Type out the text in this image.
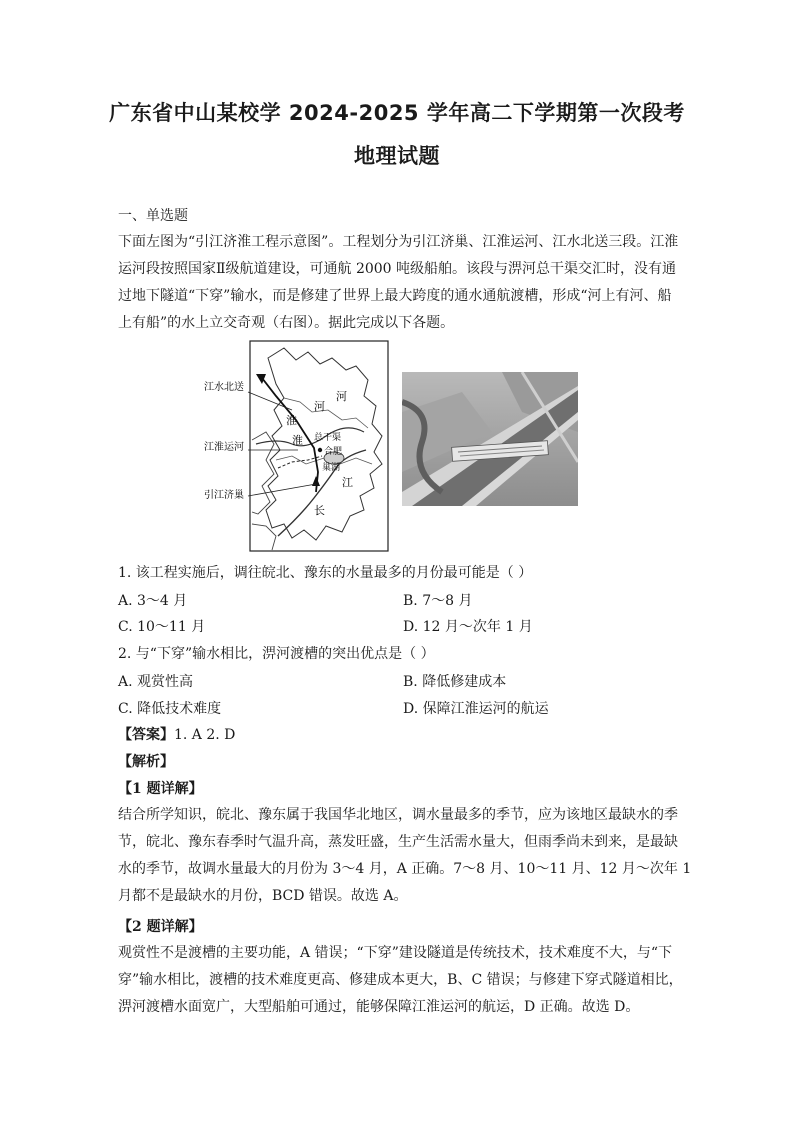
广东省中山某校学 2024-2025 学年高二下学期第一次段考
地理试题
一、单选题

下面左图为“引江济淮工程示意图”。工程划分为引江济巢、江淮运河、江水北送三段。江淮

运河段按照国家Ⅱ级航道建设，可通航 2000 吨级船舶。该段与淠河总干渠交汇时，没有通

过地下隧道“下穿”输水，而是修建了世界上最大跨度的通水通航渡槽，形成“河上有河、船

上有船”的水上立交奇观（右图）。据此完成以下各题。

江水北送
江淮运河
引江济巢
淮
河
淮 总干渠
合肥
巢湖
江
长
河
1. 该工程实施后，调往皖北、豫东的水量最多的月份最可能是（ ）
A. 3～4 月	B. 7～8 月
C. 10～11 月	D. 12 月～次年 1 月
2. 与“下穿”输水相比，淠河渡槽的突出优点是（ ）
A. 观赏性高	B. 降低修建成本
C. 降低技术难度	D. 保障江淮运河的航运
【答案】1. A 2. D
【解析】
【1 题详解】

结合所学知识，皖北、豫东属于我国华北地区，调水量最多的季节，应为该地区最缺水的季

节，皖北、豫东春季时气温升高，蒸发旺盛，生产生活需水量大，但雨季尚未到来，是最缺

水的季节，故调水量最大的月份为 3～4 月，A 正确。7～8 月、10～11 月、12 月～次年 1

月都不是最缺水的月份，BCD 错误。故选 A。

【2 题详解】

观赏性不是渡槽的主要功能，A 错误；“下穿”建设隧道是传统技术，技术难度不大，与“下

穿”输水相比，渡槽的技术难度更高、修建成本更大，B、C 错误；与修建下穿式隧道相比，

淠河渡槽水面宽广，大型船舶可通过，能够保障江淮运河的航运，D 正确。故选 D。
